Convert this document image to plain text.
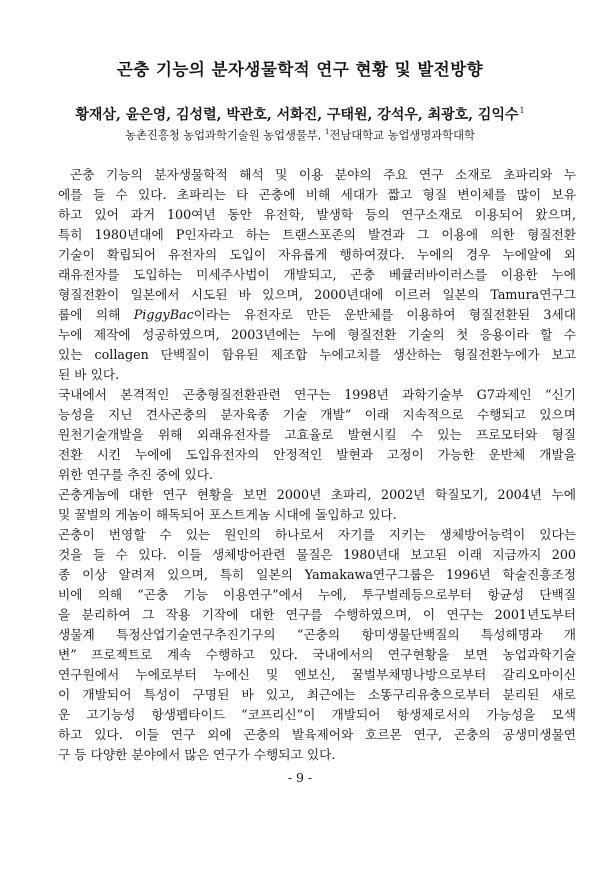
곤충 기능의 분자생물학적 연구 현황 및 발전방향
황재삼, 윤은영, 김성렬, 박관호, 서화진, 구태원, 강석우, 최광호, 김익수$^1$
농촌진흥청 농업과학기술원 농업생물부, $^1$전남대학교 농업생명과학대학
곤충 기능의 분자생물학적 해석 및 이용 분야의 주요 연구 소재로 초파리와 누
에를 들 수 있다. 초파리는 타 곤충에 비해 세대가 짧고 형질 변이체를 많이 보유
하고 있어 과거 100여년 동안 유전학, 발생학 등의 연구소재로 이용되어 왔으며,
특히 1980년대에 P인자라고 하는 트랜스포존의 발견과 그 이용에 의한 형질전환
기술이 확립되어 유전자의 도입이 자유롭게 행하여졌다. 누에의 경우 누에알에 외
래유전자를 도입하는 미세주사법이 개발되고, 곤충 베큘러바이러스를 이용한 누에
형질전환이 일본에서 시도된 바 있으며, 2000년대에 이르러 일본의 Tamura연구그
룹에 의해 PiggyBac이라는 유전자로 만든 운반체를 이용하여 형질전환된 3세대
누에 제작에 성공하였으며, 2003년에는 누에 형질전환 기술의 첫 응용이라 할 수
있는 collagen 단백질이 함유된 제조합 누에고치를 생산하는 형질전환누에가 보고
된 바 있다.
국내에서 본격적인 곤충형질전환관련 연구는 1998년 과학기술부 G7과제인 “신기
능성을 지닌 견사곤충의 분자육종 기술 개발” 이래 지속적으로 수행되고 있으며
원천기술개발을 위해 외래유전자를 고효율로 발현시킬 수 있는 프로모터와 형질
전환 시킨 누에에 도입유전자의 안정적인 발현과 고정이 가능한 운반체 개발을
위한 연구를 추진 중에 있다.
곤충게놈에 대한 연구 현황을 보면 2000년 초파리, 2002년 학질모기, 2004년 누에
및 꿀벌의 게놈이 해독되어 포스트게놈 시대에 돌입하고 있다.
곤충이 번영할 수 있는 원인의 하나로서 자기를 지키는 생체방어능력이 있다는
것을 들 수 있다. 이들 생체방어관련 물질은 1980년대 보고된 이래 지금까지 200
종 이상 알려져 있으며, 특히 일본의 Yamakawa연구그룹은 1996년 학술진흥조정
비에 의해 “곤충 기능 이용연구”에서 누에, 투구벌레등으로부터 항균성 단백질
을 분리하여 그 작용 기작에 대한 연구를 수행하였으며, 이 연구는 2001년도부터
생물계 특정산업기술연구추진기구의 “곤충의 항미생물단백질의 특성해명과 개
변” 프로젝트로 계속 수행하고 있다. 국내에서의 연구현황을 보면 농업과학기술
연구원에서 누에로부터 누에신 및 엔보신, 꿀벌부채명나방으로부터 갈리오마이신
이 개발되어 특성이 구명된 바 있고, 최근에는 소똥구리유충으로부터 분리된 새로
운 고기능성 항생펩타이드 “코프리신”이 개발되어 항생제로서의 가능성을 모색
하고 있다. 이들 연구 외에 곤충의 발육제어와 호르몬 연구, 곤충의 공생미생물연
구 등 다양한 분야에서 많은 연구가 수행되고 있다.
- 9 -
